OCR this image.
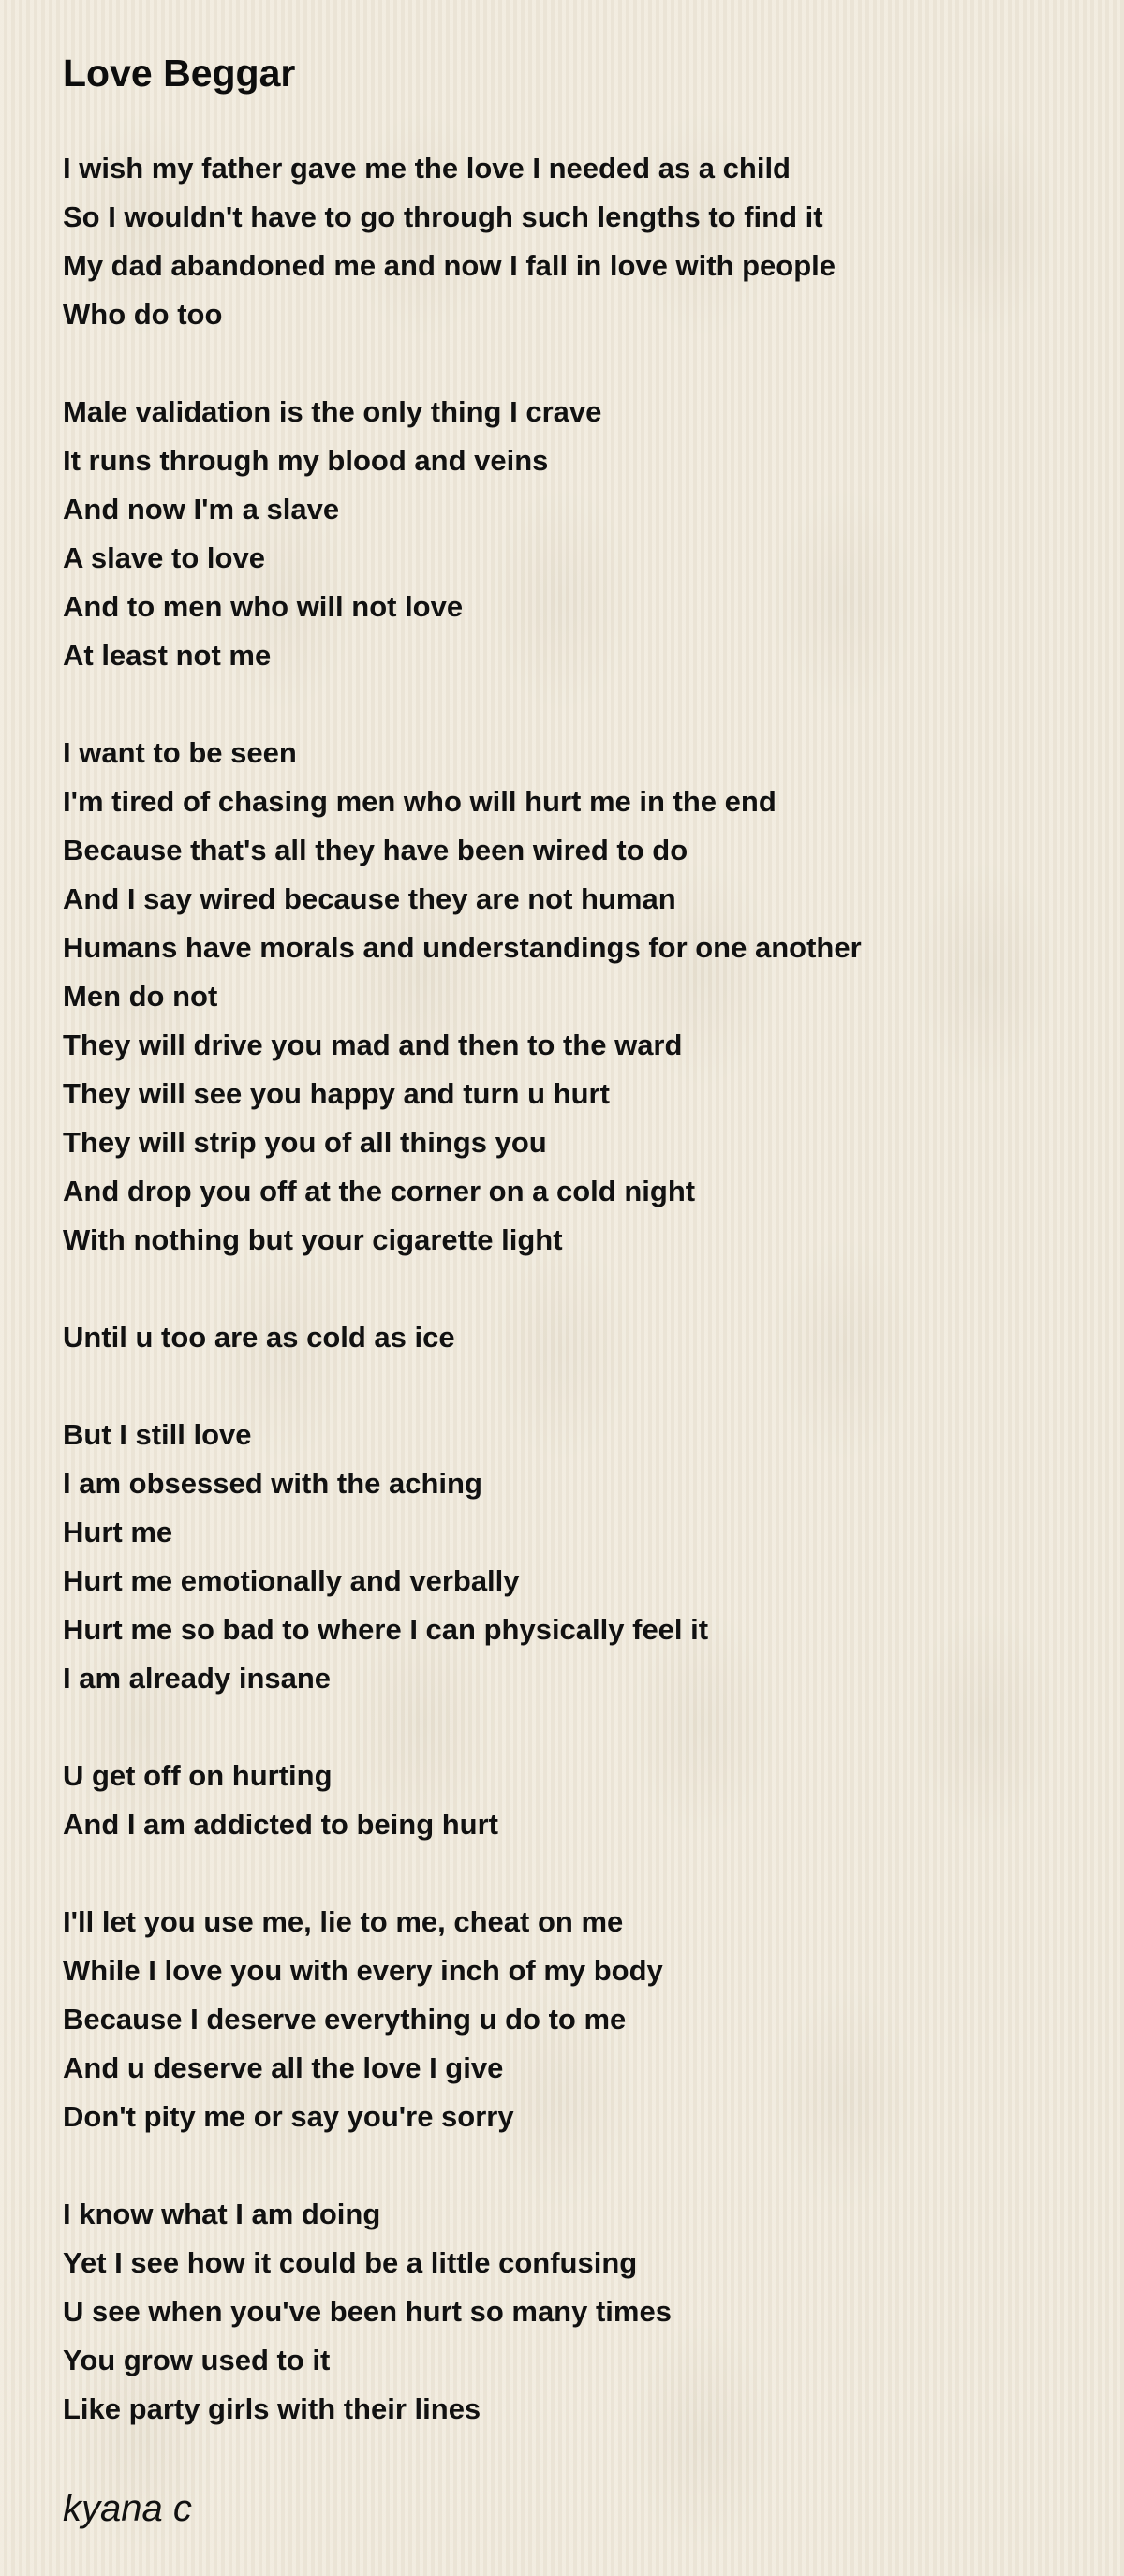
Love Beggar
I wish my father gave me the love I needed as a child
So I wouldn't have to go through such lengths to find it
My dad abandoned me and now I fall in love with people
Who do too
Male validation is the only thing I crave
It runs through my blood and veins
And now I'm a slave
A slave to love
And to men who will not love
At least not me
I want to be seen
I'm tired of chasing men who will hurt me in the end
Because that's all they have been wired to do
And I say wired because they are not human
Humans have morals and understandings for one another
Men do not
They will drive you mad and then to the ward
They will see you happy and turn u hurt
They will strip you of all things you
And drop you off at the corner on a cold night
With nothing but your cigarette light
Until u too are as cold as ice
But I still love
I am obsessed with the aching
Hurt me
Hurt me emotionally and verbally
Hurt me so bad to where I can physically feel it
I am already insane
U get off on hurting
And I am addicted to being hurt
I'll let you use me, lie to me, cheat on me
While I love you with every inch of my body
Because I deserve everything u do to me
And u deserve all the love I give
Don't pity me or say you're sorry
I know what I am doing
Yet I see how it could be a little confusing
U see when you've been hurt so many times
You grow used to it
Like party girls with their lines
kyana c
